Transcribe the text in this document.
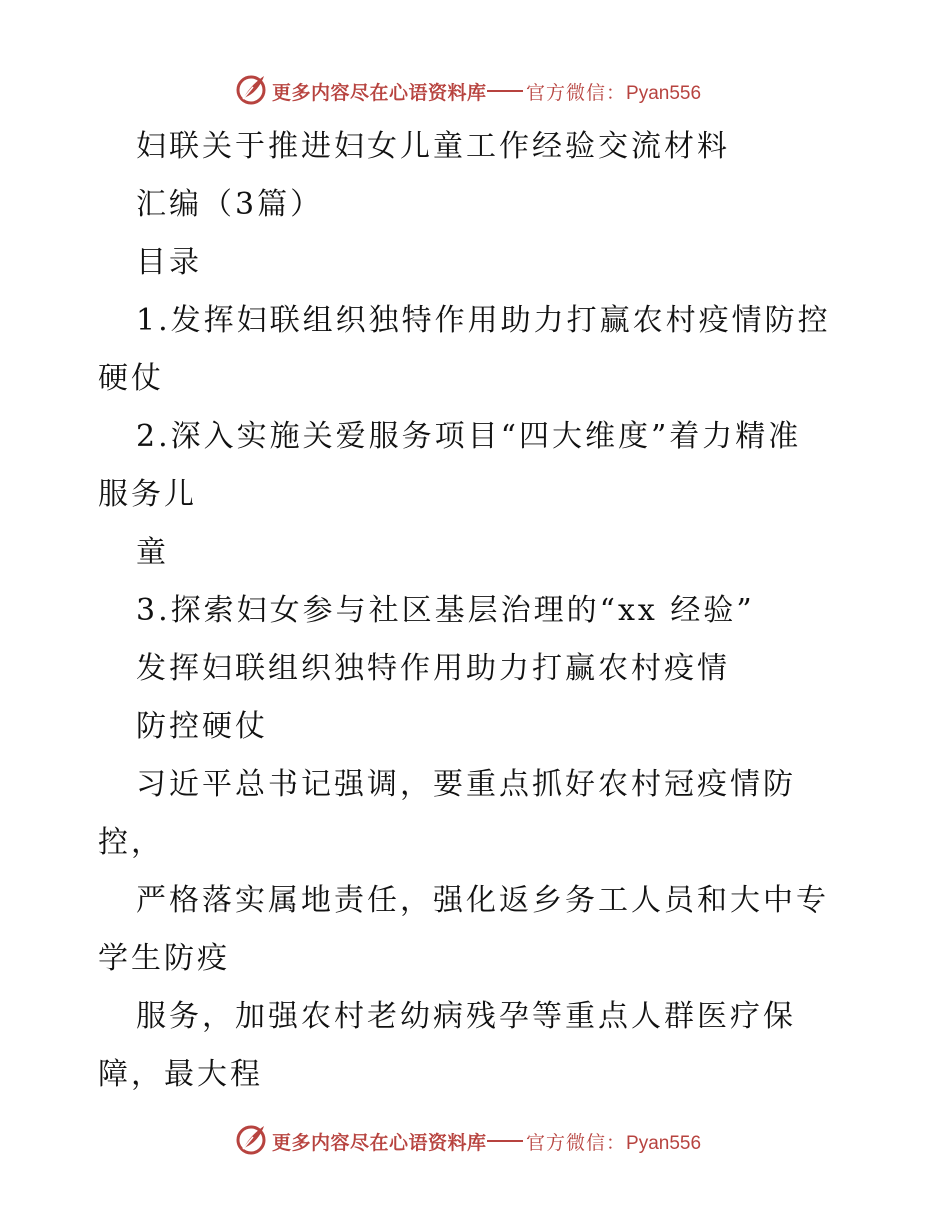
更多内容尽在心语资料库 官方微信：Pyan556
妇联关于推进妇女儿童工作经验交流材料
汇编（3篇）
目录
1.发挥妇联组织独特作用助力打赢农村疫情防控
硬仗
2.深入实施关爱服务项目“四大维度”着力精准
服务儿
童
3.探索妇女参与社区基层治理的“xx 经验”
发挥妇联组织独特作用助力打赢农村疫情
防控硬仗
习近平总书记强调，要重点抓好农村冠疫情防
控，
严格落实属地责任，强化返乡务工人员和大中专
学生防疫
服务，加强农村老幼病残孕等重点人群医疗保
障，最大程
更多内容尽在心语资料库 官方微信：Pyan556
